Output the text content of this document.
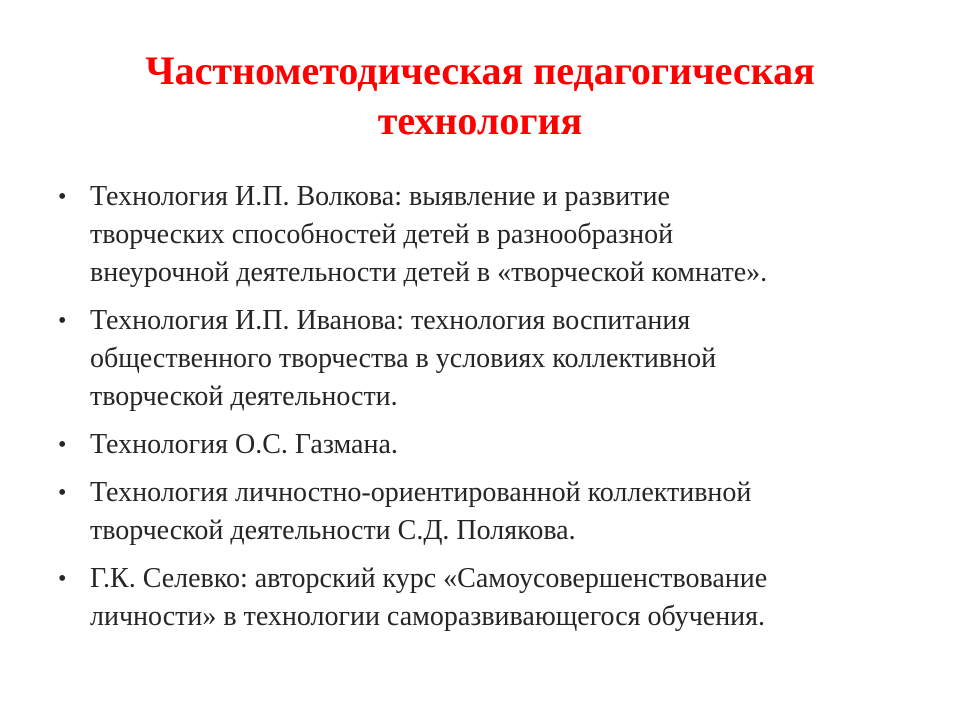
Частнометодическая педагогическая
технология
• Технология И.П. Волкова: выявление и развитие
творческих способностей детей в разнообразной
внеурочной деятельности детей в «творческой комнате».
• Технология И.П. Иванова: технология воспитания
общественного творчества в условиях коллективной
творческой деятельности.
• Технология О.С. Газмана.
• Технология личностно-ориентированной коллективной
творческой деятельности С.Д. Полякова.
• Г.К. Селевко: авторский курс «Самоусовершенствование
личности» в технологии саморазвивающегося обучения.
